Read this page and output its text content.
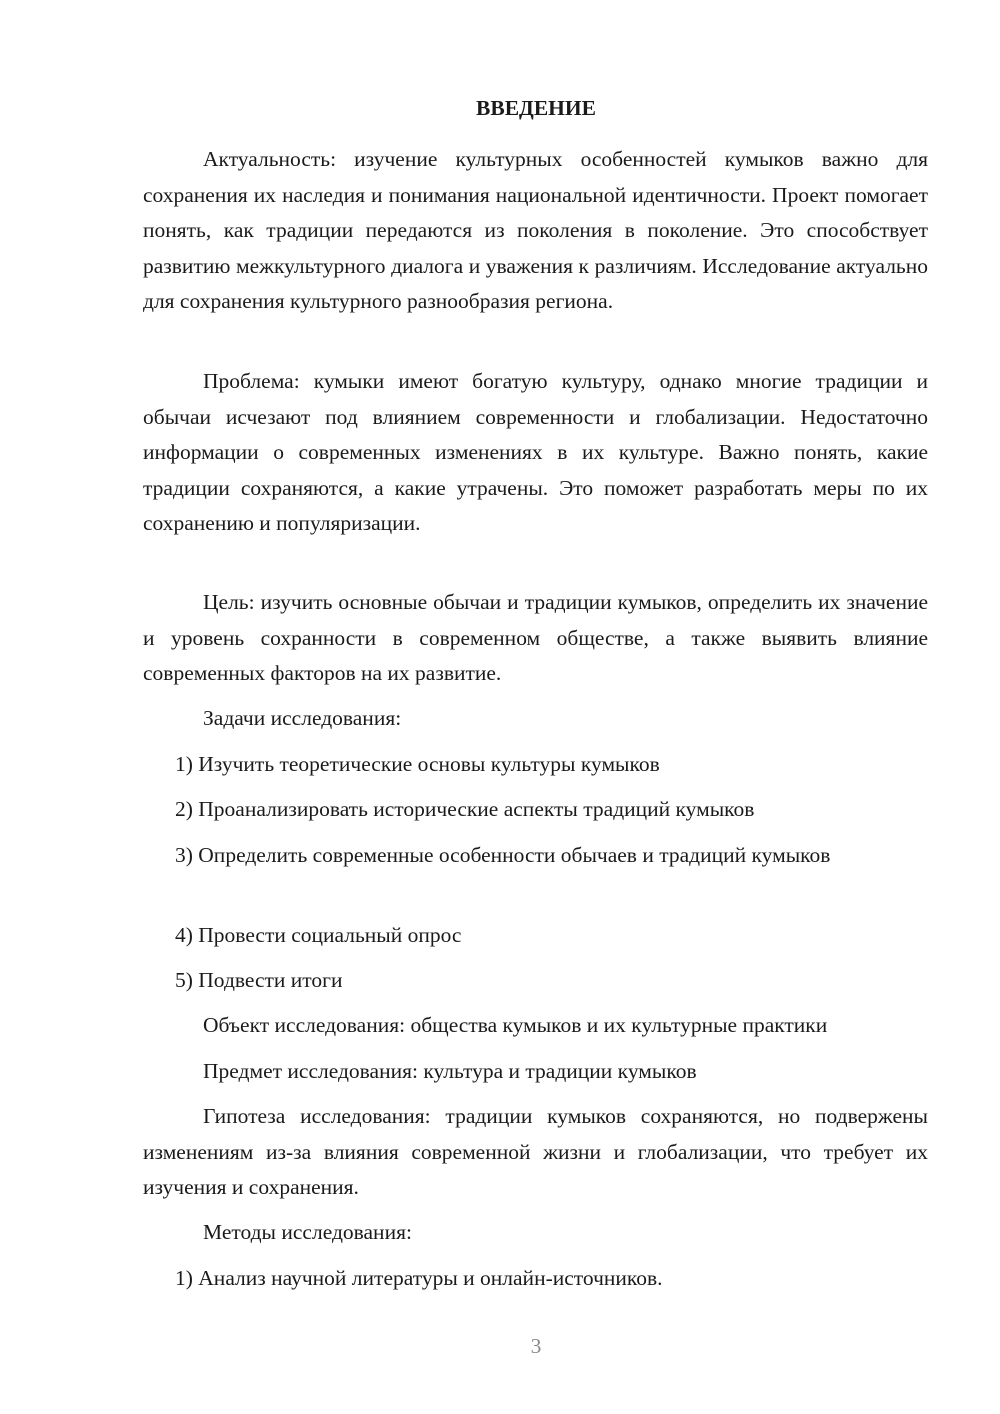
ВВЕДЕНИЕ

Актуальность: изучение культурных особенностей кумыков важно для сохранения их наследия и понимания национальной идентичности. Проект помогает понять, как традиции передаются из поколения в поколение. Это способствует развитию межкультурного диалога и уважения к различиям. Исследование актуально для сохранения культурного разнообразия региона.

Проблема: кумыки имеют богатую культуру, однако многие традиции и обычаи исчезают под влиянием современности и глобализации. Недостаточно информации о современных изменениях в их культуре. Важно понять, какие традиции сохраняются, а какие утрачены. Это поможет разработать меры по их сохранению и популяризации.

Цель: изучить основные обычаи и традиции кумыков, определить их значение и уровень сохранности в современном обществе, а также выявить влияние современных факторов на их развитие.

Задачи исследования:

1) Изучить теоретические основы культуры кумыков

2) Проанализировать исторические аспекты традиций кумыков

3) Определить современные особенности обычаев и традиций кумыков

4) Провести социальный опрос

5) Подвести итоги

Объект исследования: общества кумыков и их культурные практики

Предмет исследования: культура и традиции кумыков

Гипотеза исследования: традиции кумыков сохраняются, но подвержены изменениям из-за влияния современной жизни и глобализации, что требует их изучения и сохранения.

Методы исследования:

1) Анализ научной литературы и онлайн-источников.

3
